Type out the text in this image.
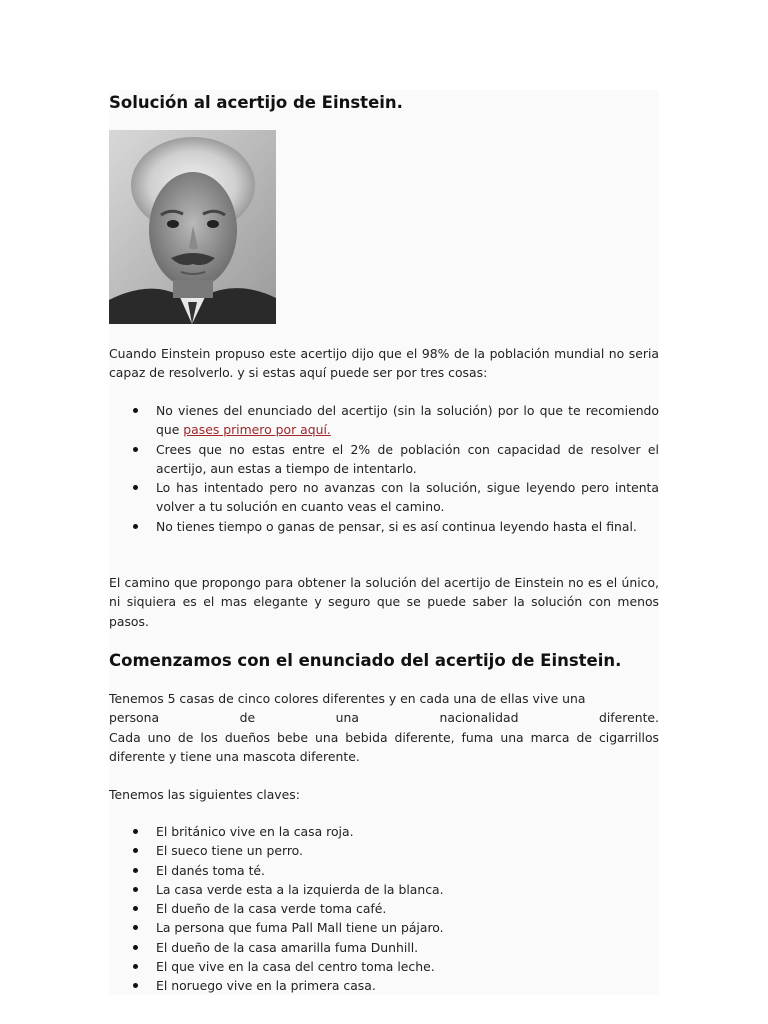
Solución al acertijo de Einstein.

Cuando Einstein propuso este acertijo dijo que el 98% de la población mundial no seria capaz de resolverlo. y si estas aquí puede ser por tres cosas:

No vienes del enunciado del acertijo (sin la solución) por lo que te recomiendo que pases primero por aquí.
Crees que no estas entre el 2% de población con capacidad de resolver el acertijo, aun estas a tiempo de intentarlo.
Lo has intentado pero no avanzas con la solución, sigue leyendo pero intenta volver a tu solución en cuanto veas el camino.
No tienes tiempo o ganas de pensar, si es así continua leyendo hasta el final.

El camino que propongo para obtener la solución del acertijo de Einstein no es el único, ni siquiera es el mas elegante y seguro que se puede saber la solución con menos pasos.

Comenzamos con el enunciado del acertijo de Einstein.

Tenemos 5 casas de cinco colores diferentes y en cada una de ellas vive una
persona de una nacionalidad diferente.
Cada uno de los dueños bebe una bebida diferente, fuma una marca de cigarrillos diferente y tiene una mascota diferente.

Tenemos las siguientes claves:

El británico vive en la casa roja.
El sueco tiene un perro.
El danés toma té.
La casa verde esta a la izquierda de la blanca.
El dueño de la casa verde toma café.
La persona que fuma Pall Mall tiene un pájaro.
El dueño de la casa amarilla fuma Dunhill.
El que vive en la casa del centro toma leche.
El noruego vive en la primera casa.
